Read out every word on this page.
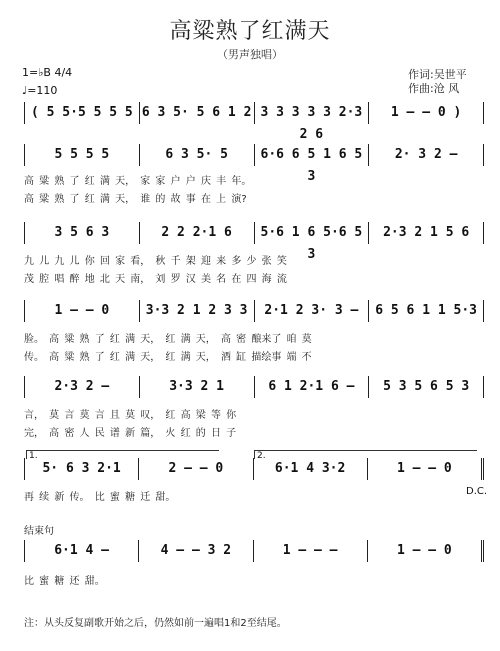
高粱熟了红满天
（男声独唱）
作词:吴世平
作曲:沧 风
1=♭B 4/4
♩=110
( 5 5·5 5 5 5 6 3 5· 5 6 1 2 3 3 3 3 3 2·3 2 6
1 — — 0 )
5 5 5 5	6 3 5· 5	6·6 6 5 1 6 5 3
2· 3 2 —
高 粱 熟 了 红 满 天， 家 家 户 户 庆 丰 年。
高 粱 熟 了 红 满 天， 谁 的 故 事 在 上 演?
3 5 6 3	2 2 2·1 6	5·6 1 6 5·6 5 3
2·3 2 1 5 6
九 儿 九 儿 你 回 家 看， 秋 千 架 迎 来 多 少 张 笑
茂 腔 唱 醉 地 北 天 南， 刘 罗 汉 美 名 在 四 海 流
1 — — 0	3·3 2 1 2 3 3	2·1 2 3· 3 —	6 5 6 1 1 5·3
脸。 高 粱 熟 了 红 满 天， 红 满 天， 高 密 酿来了 咱 莫
传。 高 粱 熟 了 红 满 天， 红 满 天， 酒 缸 描绘事 端 不
2·3 2 —	3·3 2 1	6 1 2·1 6 —	5 3 5 6 5 3
言， 莫 言 莫 言 且 莫 叹， 红 高 梁 等 你
完， 高 密 人 民 谱 新 篇， 火 红 的 日 子
1.	2.
5· 6 3 2·1	2 — — 0	6·1 4 3·2	1 — — 0
再 续 新 传。 比 蜜 糖 迁 甜。
D.C.
结束句
6·1 4 —	4 — — 3 2	1 — — —	1 — — 0
比 蜜 糖 还 甜。
注：从头反复副歌开始之后，仍然如前一遍唱1和2至结尾。
